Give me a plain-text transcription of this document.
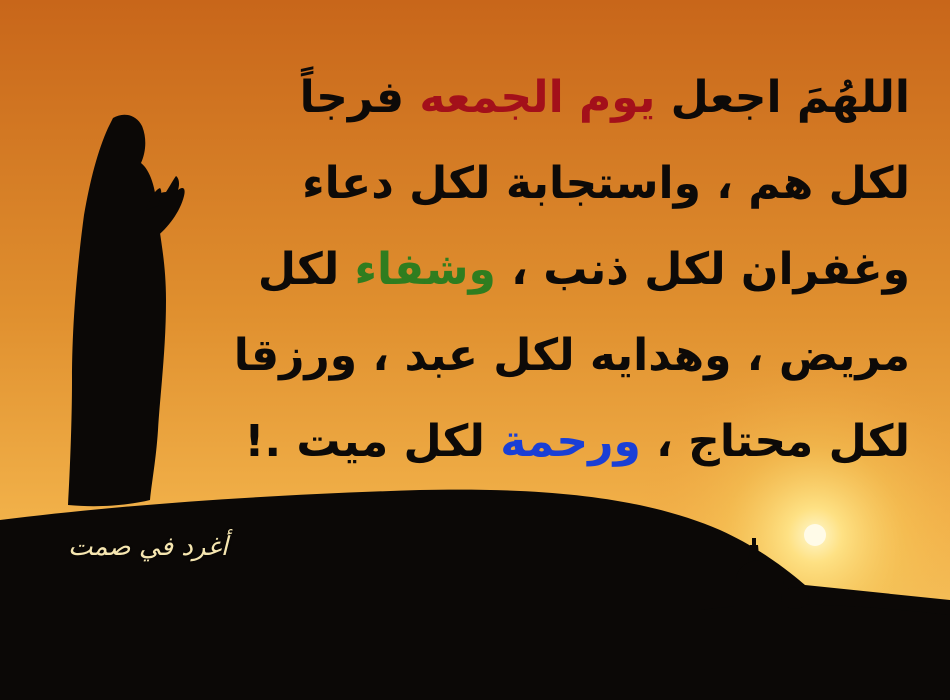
اللهُمَ اجعل يوم الجمعه فرجاً
لكل هم ، واستجابة لكل دعاء
وغفران لكل ذنب ، وشفاء لكل
مريض ، وهدايه لكل عبد ، ورزقا
لكل محتاج ، ورحمة لكل ميت .!
أغرد في صمت
